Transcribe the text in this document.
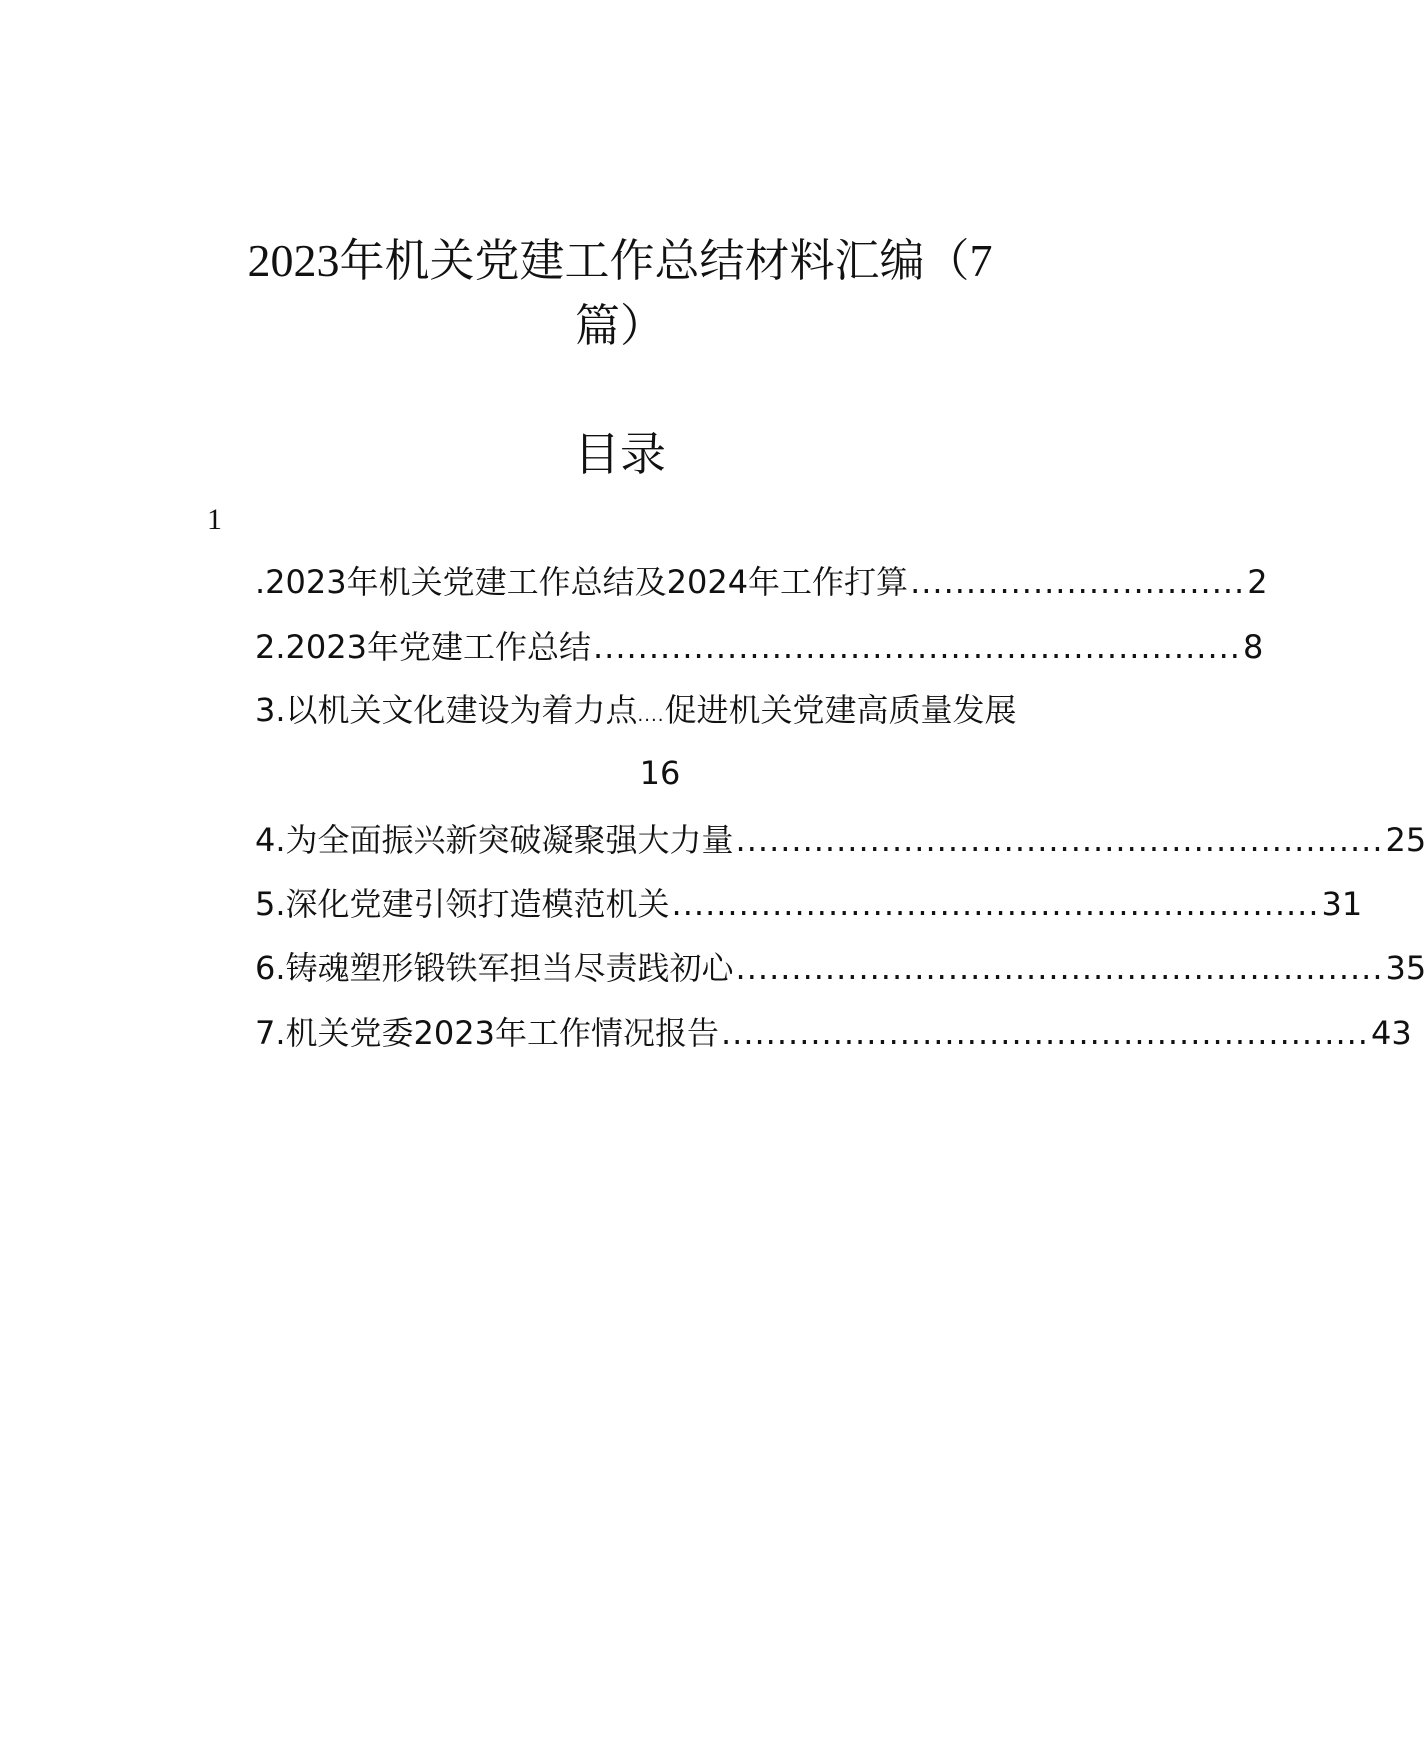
2023年机关党建工作总结材料汇编（7
篇）
目录
1
.2023年机关党建工作总结及2024年工作打算 .............................. 2
2.2023年党建工作总结 .......................................................... 8
3.以机关文化建设为着力点....促进机关党建高质量发展
16
4.为全面振兴新突破凝聚强大力量 .......................................................... 25
5.深化党建引领打造模范机关 .......................................................... 31
6.铸魂塑形锻铁军担当尽责践初心 .......................................................... 35
7.机关党委2023年工作情况报告 .......................................................... 43
